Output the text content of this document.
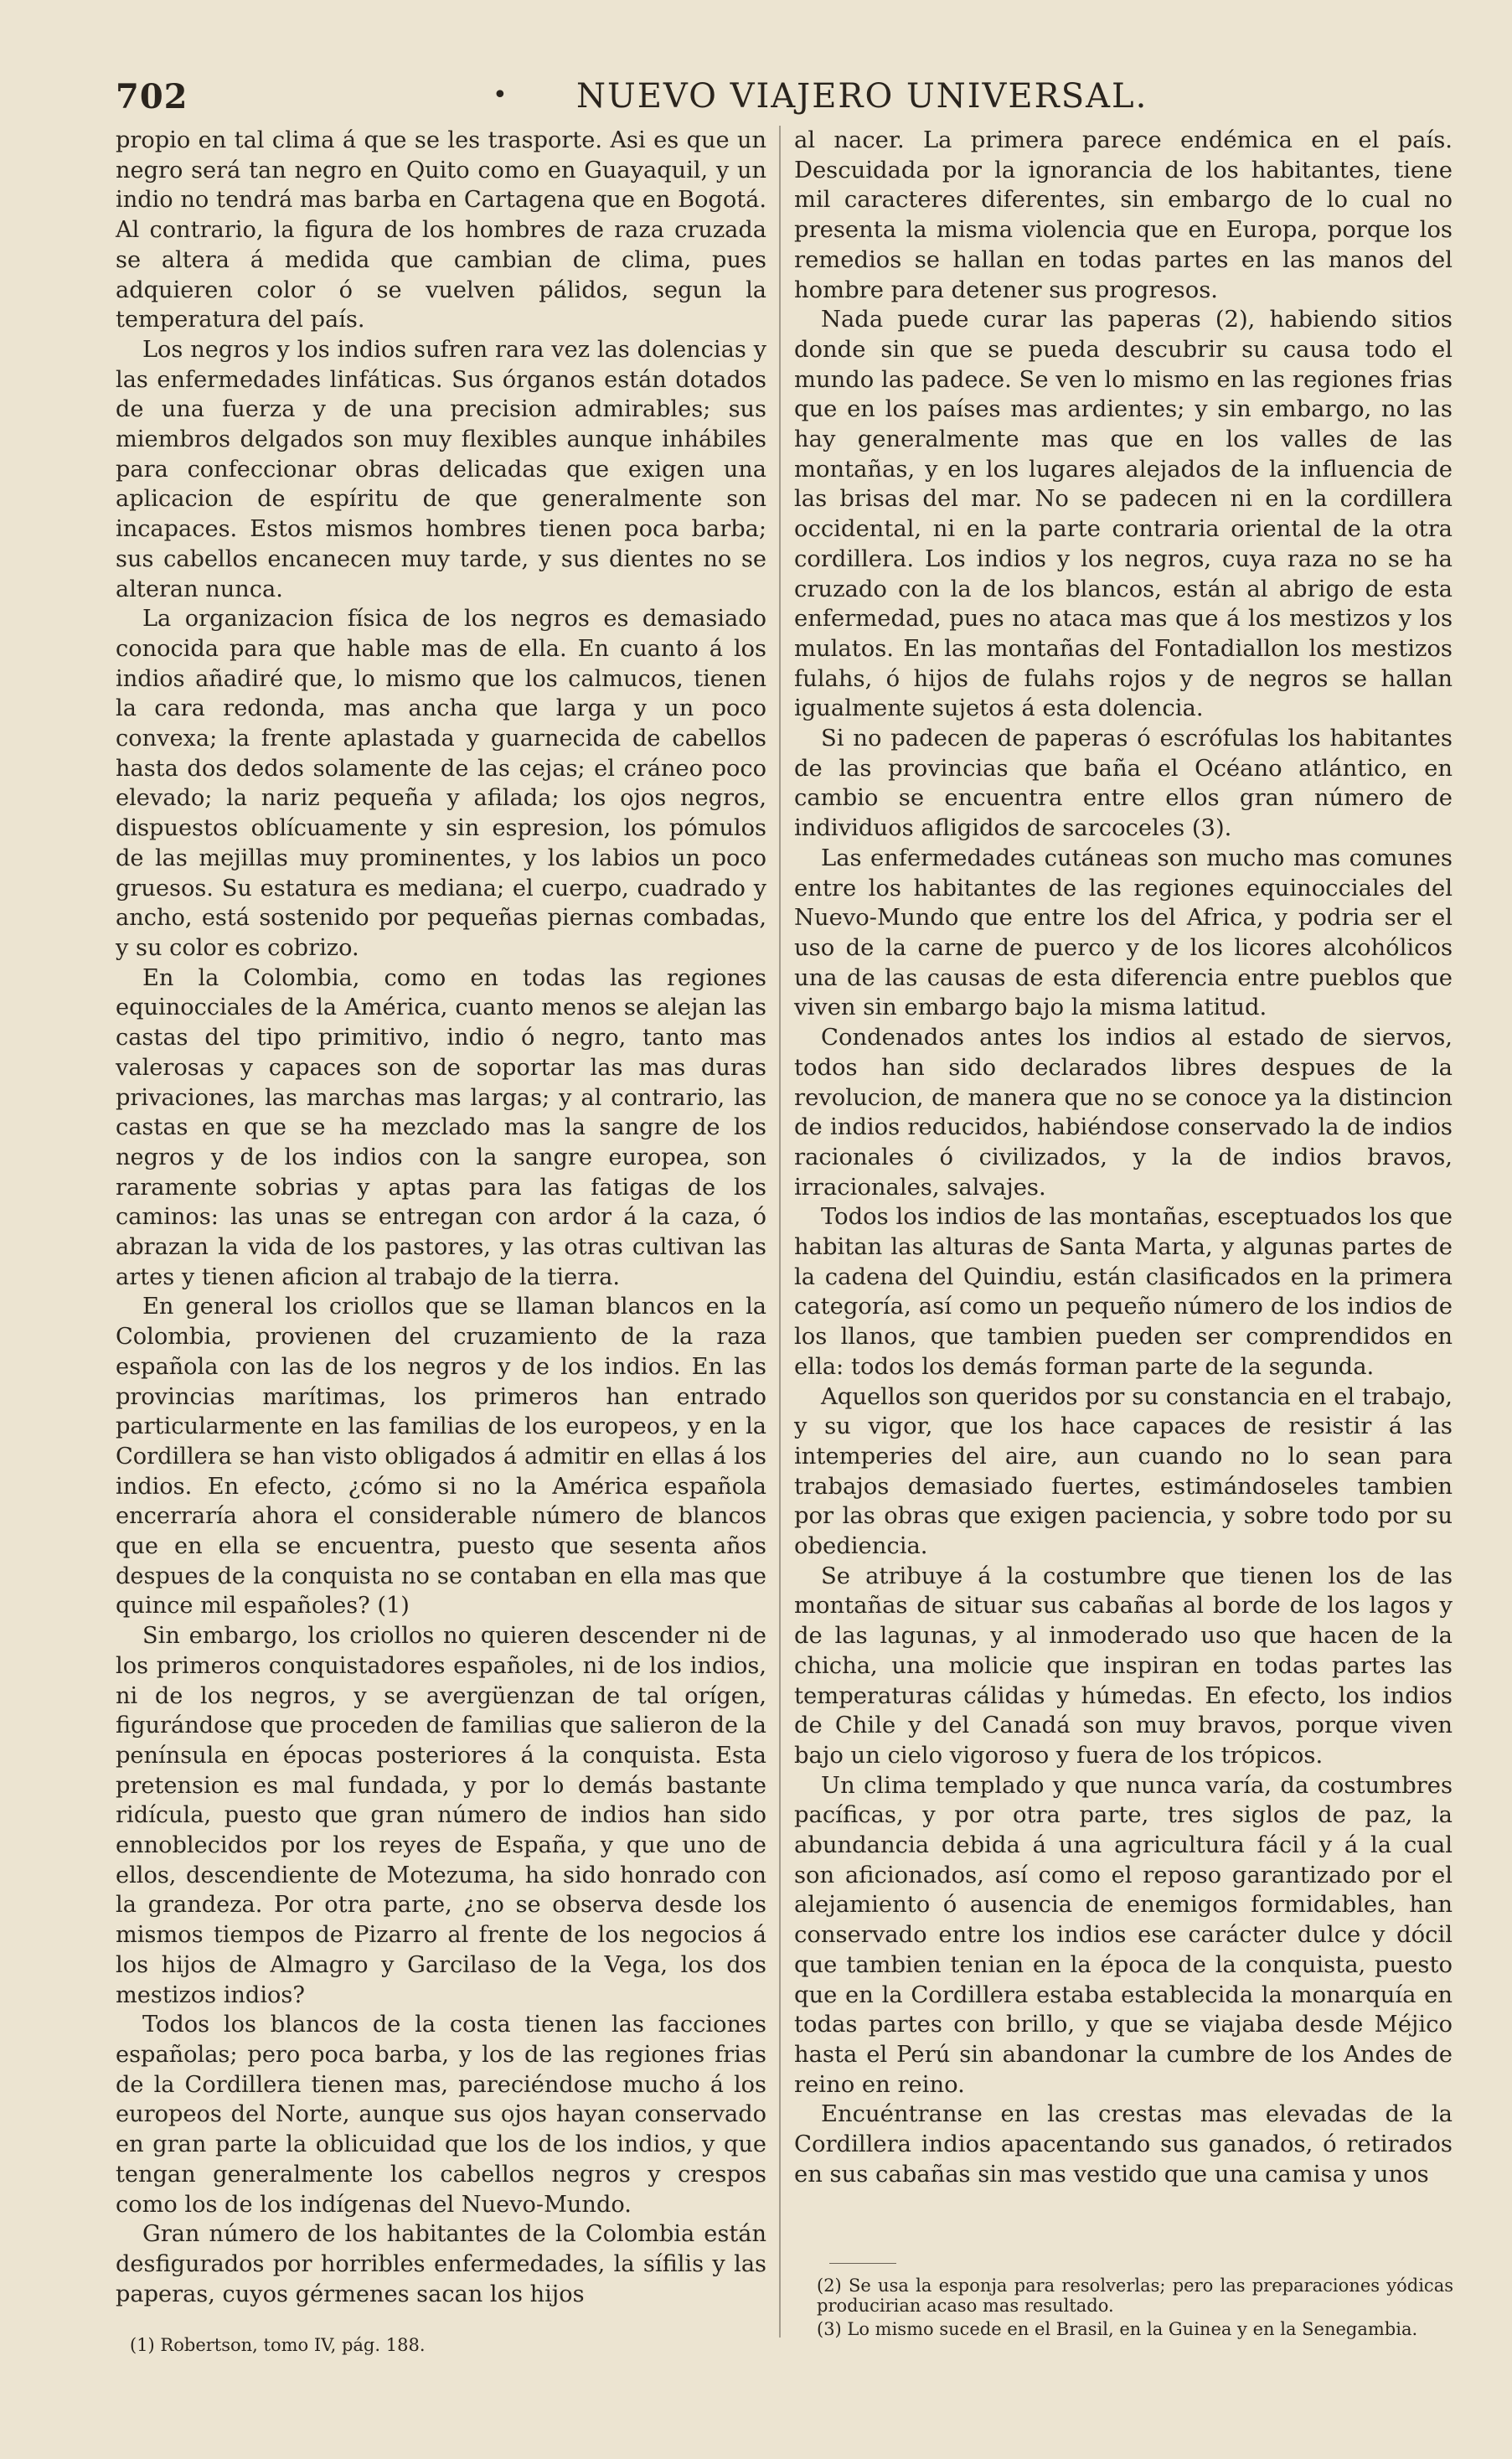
702	• NUEVO VIAJERO UNIVERSAL.

propio en tal clima á que se les trasporte. Asi es que un negro será tan negro en Quito como en Guayaquil, y un indio no tendrá mas barba en Cartagena que en Bogotá. Al contrario, la figura de los hombres de raza cruzada se altera á medida que cambian de clima, pues adquieren color ó se vuelven pálidos, segun la temperatura del país.

Los negros y los indios sufren rara vez las dolencias y las enfermedades linfáticas. Sus órganos están dotados de una fuerza y de una precision admirables; sus miembros delgados son muy flexibles aunque inhábiles para confeccionar obras delicadas que exigen una aplicacion de espíritu de que generalmente son incapaces. Estos mismos hombres tienen poca barba; sus cabellos encanecen muy tarde, y sus dientes no se alteran nunca.

La organizacion física de los negros es demasiado conocida para que hable mas de ella. En cuanto á los indios añadiré que, lo mismo que los calmucos, tienen la cara redonda, mas ancha que larga y un poco convexa; la frente aplastada y guarnecida de cabellos hasta dos dedos solamente de las cejas; el cráneo poco elevado; la nariz pequeña y afilada; los ojos negros, dispuestos oblícuamente y sin espresion, los pómulos de las mejillas muy prominentes, y los labios un poco gruesos. Su estatura es mediana; el cuerpo, cuadrado y ancho, está sostenido por pequeñas piernas combadas, y su color es cobrizo.

En la Colombia, como en todas las regiones equinocciales de la América, cuanto menos se alejan las castas del tipo primitivo, indio ó negro, tanto mas valerosas y capaces son de soportar las mas duras privaciones, las marchas mas largas; y al contrario, las castas en que se ha mezclado mas la sangre de los negros y de los indios con la sangre europea, son raramente sobrias y aptas para las fatigas de los caminos: las unas se entregan con ardor á la caza, ó abrazan la vida de los pastores, y las otras cultivan las artes y tienen aficion al trabajo de la tierra.

En general los criollos que se llaman blancos en la Colombia, provienen del cruzamiento de la raza española con las de los negros y de los indios. En las provincias marítimas, los primeros han entrado particularmente en las familias de los europeos, y en la Cordillera se han visto obligados á admitir en ellas á los indios. En efecto, ¿cómo si no la América española encerraría ahora el considerable número de blancos que en ella se encuentra, puesto que sesenta años despues de la conquista no se contaban en ella mas que quince mil españoles? (1)

Sin embargo, los criollos no quieren descender ni de los primeros conquistadores españoles, ni de los indios, ni de los negros, y se avergüenzan de tal orígen, figurándose que proceden de familias que salieron de la península en épocas posteriores á la conquista. Esta pretension es mal fundada, y por lo demás bastante ridícula, puesto que gran número de indios han sido ennoblecidos por los reyes de España, y que uno de ellos, descendiente de Motezuma, ha sido honrado con la grandeza. Por otra parte, ¿no se observa desde los mismos tiempos de Pizarro al frente de los negocios á los hijos de Almagro y Garcilaso de la Vega, los dos mestizos indios?

Todos los blancos de la costa tienen las facciones españolas; pero poca barba, y los de las regiones frias de la Cordillera tienen mas, pareciéndose mucho á los europeos del Norte, aunque sus ojos hayan conservado en gran parte la oblicuidad que los de los indios, y que tengan generalmente los cabellos negros y crespos como los de los indígenas del Nuevo-Mundo.

Gran número de los habitantes de la Colombia están desfigurados por horribles enfermedades, la sífilis y las paperas, cuyos gérmenes sacan los hijos

al nacer. La primera parece endémica en el país. Descuidada por la ignorancia de los habitantes, tiene mil caracteres diferentes, sin embargo de lo cual no presenta la misma violencia que en Europa, porque los remedios se hallan en todas partes en las manos del hombre para detener sus progresos.

Nada puede curar las paperas (2), habiendo sitios donde sin que se pueda descubrir su causa todo el mundo las padece. Se ven lo mismo en las regiones frias que en los países mas ardientes; y sin embargo, no las hay generalmente mas que en los valles de las montañas, y en los lugares alejados de la influencia de las brisas del mar. No se padecen ni en la cordillera occidental, ni en la parte contraria oriental de la otra cordillera. Los indios y los negros, cuya raza no se ha cruzado con la de los blancos, están al abrigo de esta enfermedad, pues no ataca mas que á los mestizos y los mulatos. En las montañas del Fontadiallon los mestizos fulahs, ó hijos de fulahs rojos y de negros se hallan igualmente sujetos á esta dolencia.

Si no padecen de paperas ó escrófulas los habitantes de las provincias que baña el Océano atlántico, en cambio se encuentra entre ellos gran número de individuos afligidos de sarcoceles (3).

Las enfermedades cutáneas son mucho mas comunes entre los habitantes de las regiones equinocciales del Nuevo-Mundo que entre los del Africa, y podria ser el uso de la carne de puerco y de los licores alcohólicos una de las causas de esta diferencia entre pueblos que viven sin embargo bajo la misma latitud.

Condenados antes los indios al estado de siervos, todos han sido declarados libres despues de la revolucion, de manera que no se conoce ya la distincion de indios reducidos, habiéndose conservado la de indios racionales ó civilizados, y la de indios bravos, irracionales, salvajes.

Todos los indios de las montañas, esceptuados los que habitan las alturas de Santa Marta, y algunas partes de la cadena del Quindiu, están clasificados en la primera categoría, así como un pequeño número de los indios de los llanos, que tambien pueden ser comprendidos en ella: todos los demás forman parte de la segunda.

Aquellos son queridos por su constancia en el trabajo, y su vigor, que los hace capaces de resistir á las intemperies del aire, aun cuando no lo sean para trabajos demasiado fuertes, estimándoseles tambien por las obras que exigen paciencia, y sobre todo por su obediencia.

Se atribuye á la costumbre que tienen los de las montañas de situar sus cabañas al borde de los lagos y de las lagunas, y al inmoderado uso que hacen de la chicha, una molicie que inspiran en todas partes las temperaturas cálidas y húmedas. En efecto, los indios de Chile y del Canadá son muy bravos, porque viven bajo un cielo vigoroso y fuera de los trópicos.

Un clima templado y que nunca varía, da costumbres pacíficas, y por otra parte, tres siglos de paz, la abundancia debida á una agricultura fácil y á la cual son aficionados, así como el reposo garantizado por el alejamiento ó ausencia de enemigos formidables, han conservado entre los indios ese carácter dulce y dócil que tambien tenian en la época de la conquista, puesto que en la Cordillera estaba establecida la monarquía en todas partes con brillo, y que se viajaba desde Méjico hasta el Perú sin abandonar la cumbre de los Andes de reino en reino.

Encuéntranse en las crestas mas elevadas de la Cordillera indios apacentando sus ganados, ó retirados en sus cabañas sin mas vestido que una camisa y unos

(2) Se usa la esponja para resolverlas; pero las preparaciones yódicas producirian acaso mas resultado.

(3) Lo mismo sucede en el Brasil, en la Guinea y en la Senegambia.

(1) Robertson, tomo IV, pág. 188.
